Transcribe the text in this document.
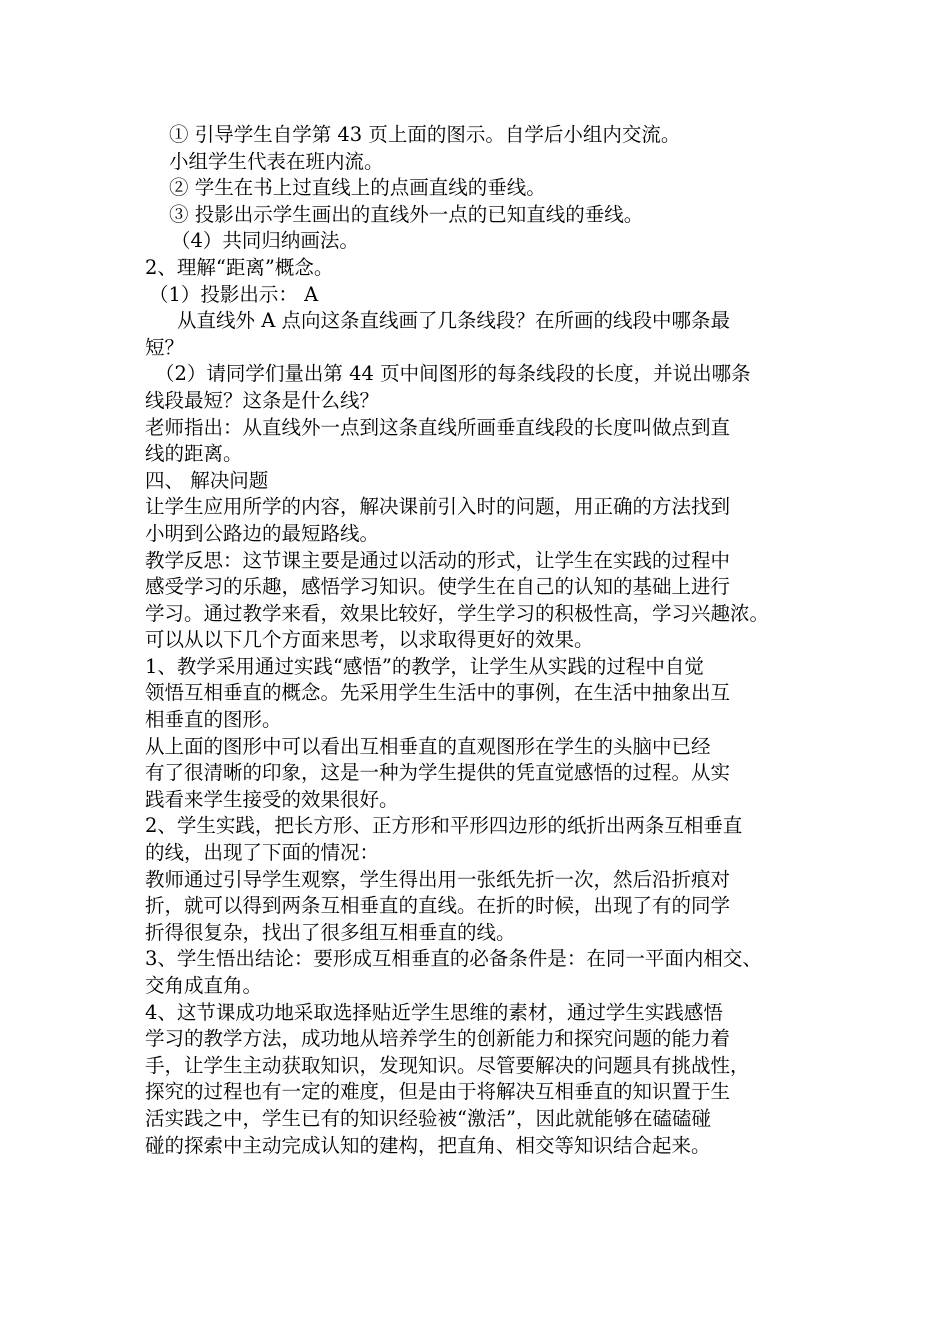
① 引导学生自学第 43 页上面的图示。自学后小组内交流。
小组学生代表在班内流。
② 学生在书上过直线上的点画直线的垂线。
③ 投影出示学生画出的直线外一点的已知直线的垂线。
（4）共同归纳画法。
2、理解“距离”概念。
（1）投影出示： A
从直线外 A 点向这条直线画了几条线段？在所画的线段中哪条最
短？
（2）请同学们量出第 44 页中间图形的每条线段的长度，并说出哪条
线段最短？这条是什么线？
老师指出：从直线外一点到这条直线所画垂直线段的长度叫做点到直
线的距离。
四、 解决问题
让学生应用所学的内容，解决课前引入时的问题，用正确的方法找到
小明到公路边的最短路线。
教学反思：这节课主要是通过以活动的形式，让学生在实践的过程中
感受学习的乐趣，感悟学习知识。使学生在自己的认知的基础上进行
学习。通过教学来看，效果比较好，学生学习的积极性高，学习兴趣浓。
可以从以下几个方面来思考，以求取得更好的效果。
1、教学采用通过实践“感悟”的教学，让学生从实践的过程中自觉
领悟互相垂直的概念。先采用学生生活中的事例，在生活中抽象出互
相垂直的图形。
从上面的图形中可以看出互相垂直的直观图形在学生的头脑中已经
有了很清晰的印象，这是一种为学生提供的凭直觉感悟的过程。从实
践看来学生接受的效果很好。
2、学生实践，把长方形、正方形和平形四边形的纸折出两条互相垂直
的线，出现了下面的情况：
教师通过引导学生观察，学生得出用一张纸先折一次，然后沿折痕对
折，就可以得到两条互相垂直的直线。在折的时候，出现了有的同学
折得很复杂，找出了很多组互相垂直的线。
3、学生悟出结论：要形成互相垂直的必备条件是：在同一平面内相交、
交角成直角。
4、这节课成功地采取选择贴近学生思维的素材，通过学生实践感悟
学习的教学方法，成功地从培养学生的创新能力和探究问题的能力着
手，让学生主动获取知识，发现知识。尽管要解决的问题具有挑战性，
探究的过程也有一定的难度，但是由于将解决互相垂直的知识置于生
活实践之中，学生已有的知识经验被“激活”，因此就能够在磕磕碰
碰的探索中主动完成认知的建构，把直角、相交等知识结合起来。
